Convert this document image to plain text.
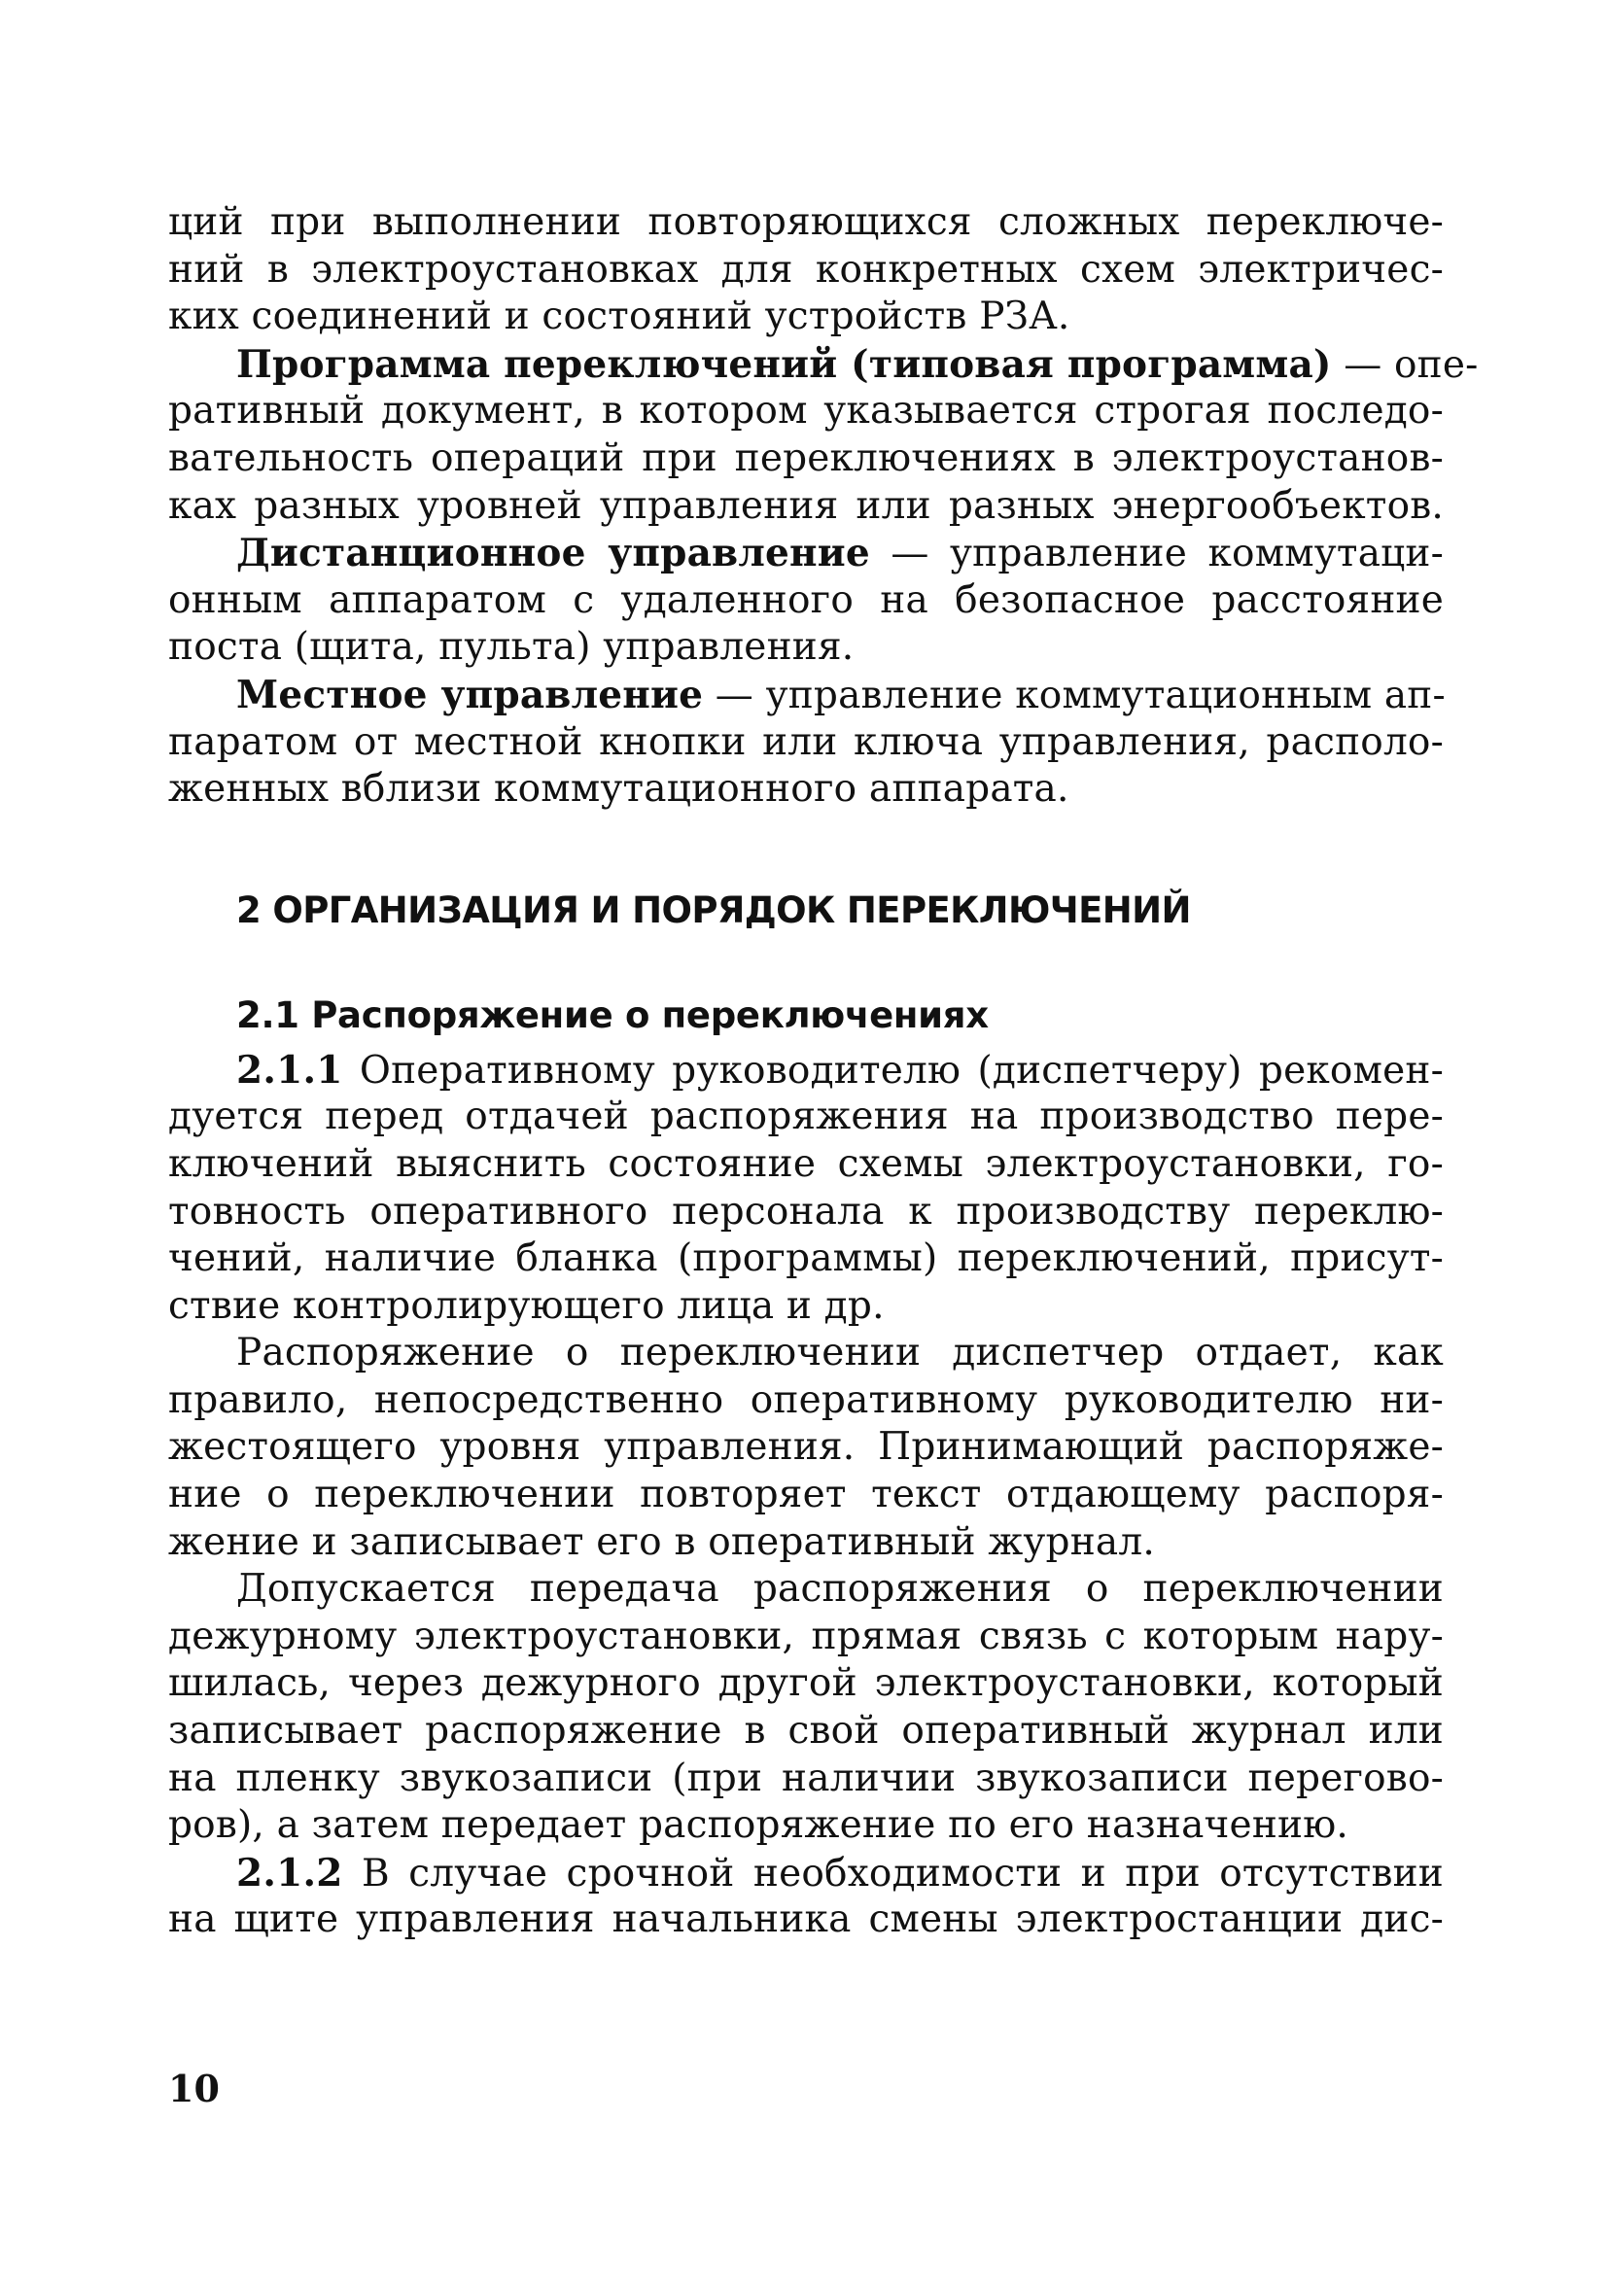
ций при выполнении повторяющихся сложных переключе-
ний в электроустановках для конкретных схем электричес-
ких соединений и состояний устройств РЗА.
Программа переключений (типовая программа) — опе-
ративный документ, в котором указывается строгая последо-
вательность операций при переключениях в электроустанов-
ках разных уровней управления или разных энергообъектов.
Дистанционное управление — управление коммутаци-
онным аппаратом с удаленного на безопасное расстояние
поста (щита, пульта) управления.
Местное управление — управление коммутационным ап-
паратом от местной кнопки или ключа управления, располо-
женных вблизи коммутационного аппарата.
2 ОРГАНИЗАЦИЯ И ПОРЯДОК ПЕРЕКЛЮЧЕНИЙ
2.1 Распоряжение о переключениях
2.1.1 Оперативному руководителю (диспетчеру) рекомен-
дуется перед отдачей распоряжения на производство пере-
ключений выяснить состояние схемы электроустановки, го-
товность оперативного персонала к производству переклю-
чений, наличие бланка (программы) переключений, присут-
ствие контролирующего лица и др.
Распоряжение о переключении диспетчер отдает, как
правило, непосредственно оперативному руководителю ни-
жестоящего уровня управления. Принимающий распоряже-
ние о переключении повторяет текст отдающему распоря-
жение и записывает его в оперативный журнал.
Допускается передача распоряжения о переключении
дежурному электроустановки, прямая связь с которым нару-
шилась, через дежурного другой электроустановки, который
записывает распоряжение в свой оперативный журнал или
на пленку звукозаписи (при наличии звукозаписи перегово-
ров), а затем передает распоряжение по его назначению.
2.1.2 В случае срочной необходимости и при отсутствии
на щите управления начальника смены электростанции дис-
10
